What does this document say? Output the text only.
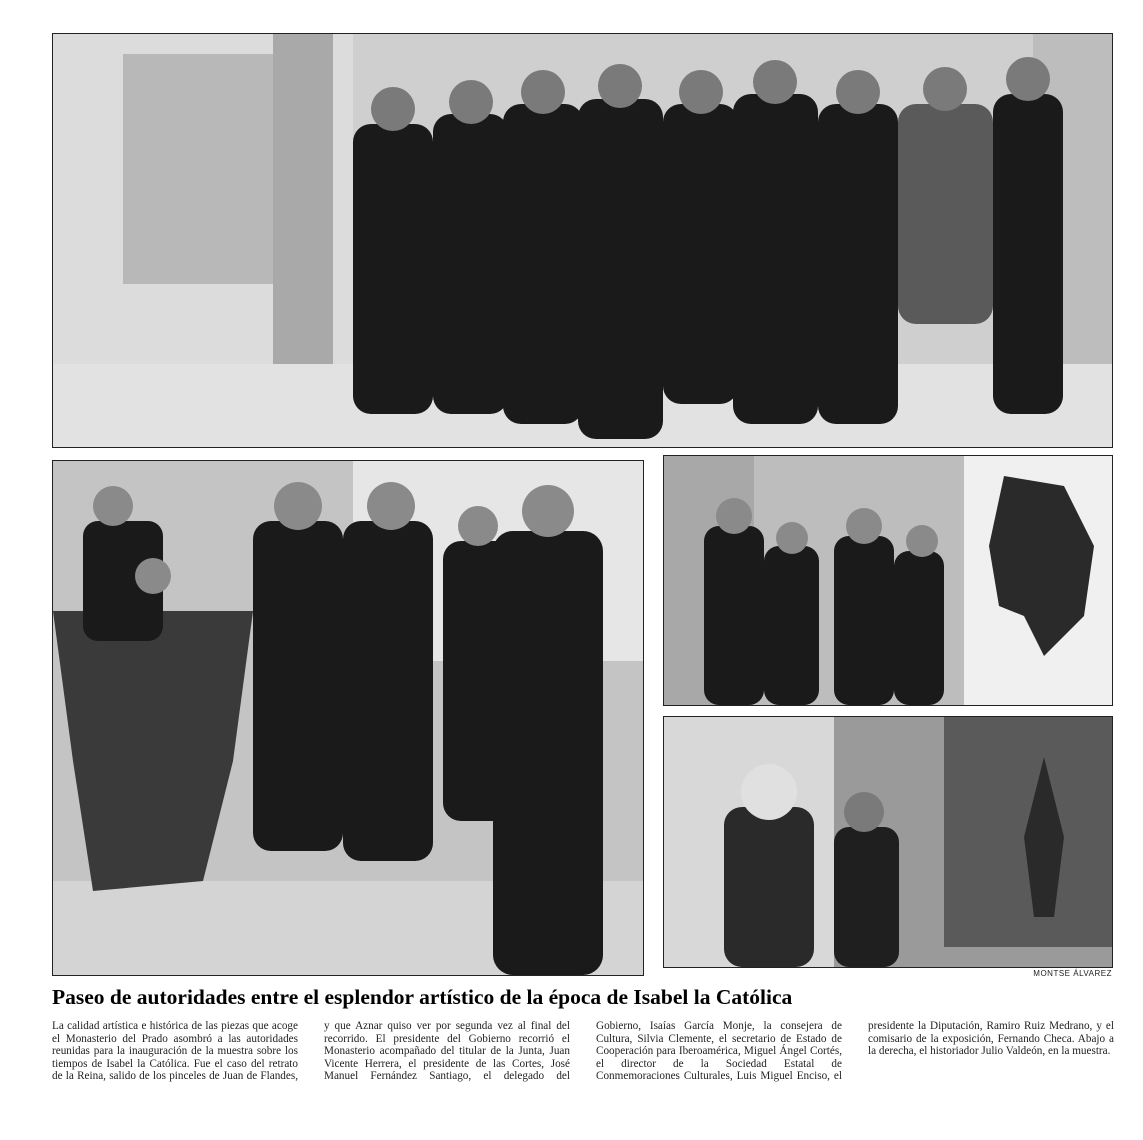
MONTSE ÁLVAREZ
Paseo de autoridades entre el esplendor artístico de la época de Isabel la Católica
La calidad artística e histórica de las piezas que acoge el Monasterio del Prado asombró a las autoridades reunidas para la inauguración de la muestra sobre los tiempos de Isabel la Católica. Fue el caso del retrato de la Reina, salido de los pinceles de Juan de Flandes, y que Aznar quiso ver por segunda vez al final del recorrido. El presidente del Gobierno recorrió el Monasterio acompañado del titular de la Junta, Juan Vicente Herrera, el presidente de las Cortes, José Manuel Fernández Santiago, el delegado del Gobierno, Isaías García Monje, la consejera de Cultura, Silvia Clemente, el secretario de Estado de Cooperación para Iberoamérica, Miguel Ángel Cortés, el director de la Sociedad Estatal de Conmemoraciones Culturales, Luis Miguel Enciso, el presidente la Diputación, Ramiro Ruiz Medrano, y el comisario de la exposición, Fernando Checa. Abajo a la derecha, el historiador Julio Valdeón, en la muestra.
